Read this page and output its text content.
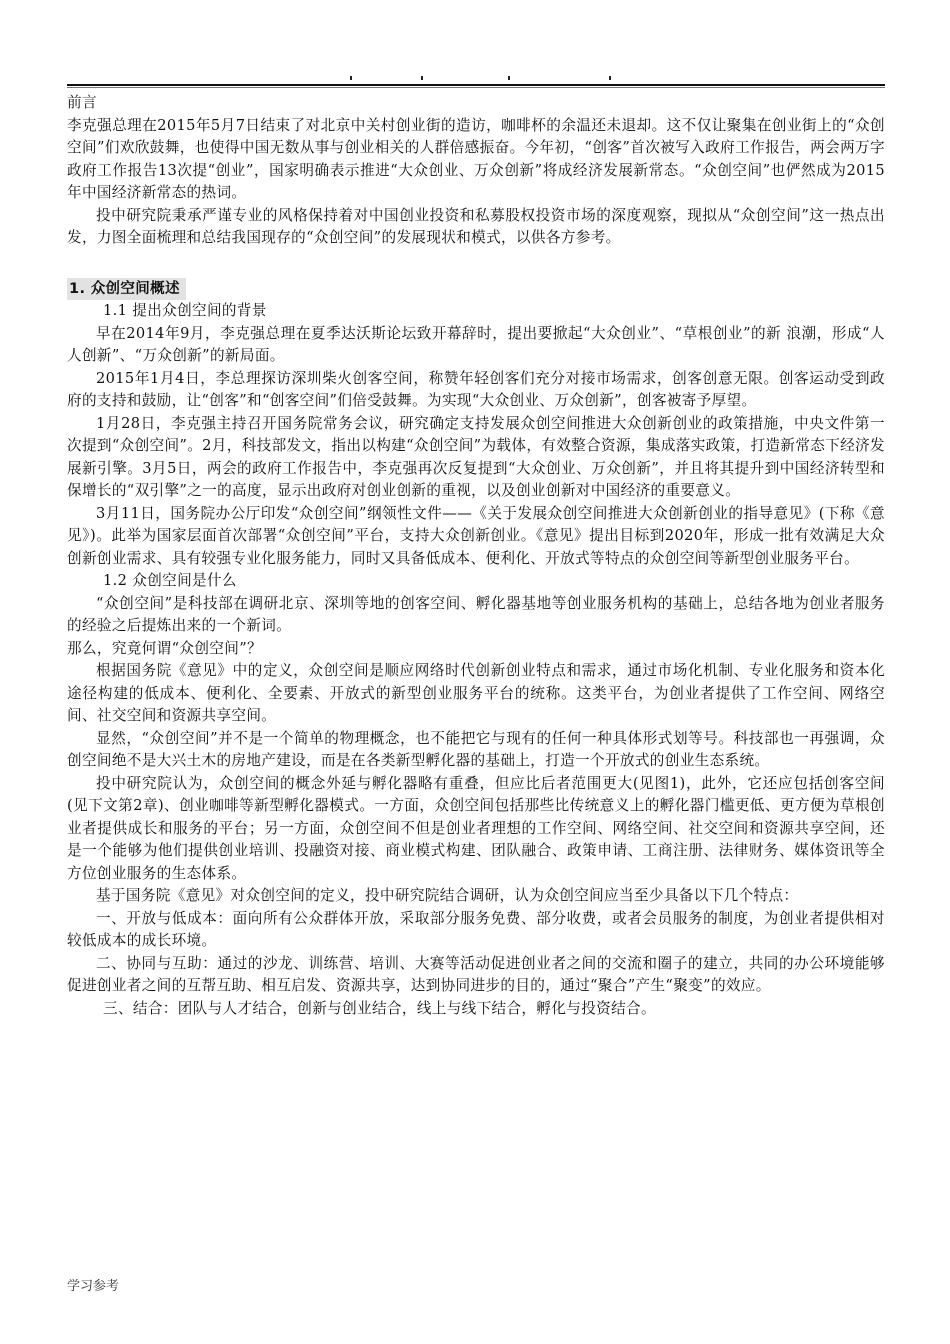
前言

李克强总理在2015年5月7日结束了对北京中关村创业街的造访，咖啡杯的余温还未退却。这不仅让聚集在创业街上的“众创空间”们欢欣鼓舞，也使得中国无数从事与创业相关的人群倍感振奋。今年初，“创客”首次被写入政府工作报告，两会两万字政府工作报告13次提“创业”，国家明确表示推进“大众创业、万众创新”将成经济发展新常态。“众创空间”也俨然成为2015年中国经济新常态的热词。

投中研究院秉承严谨专业的风格保持着对中国创业投资和私募股权投资市场的深度观察，现拟从“众创空间”这一热点出发，力图全面梳理和总结我国现存的“众创空间”的发展现状和模式，以供各方参考。

1. 众创空间概述

1.1 提出众创空间的背景

早在2014年9月，李克强总理在夏季达沃斯论坛致开幕辞时，提出要掀起“大众创业”、“草根创业”的新 浪潮，形成“人人创新”、“万众创新”的新局面。

2015年1月4日，李总理探访深圳柴火创客空间，称赞年轻创客们充分对接市场需求，创客创意无限。创客运动受到政府的支持和鼓励，让“创客”和“创客空间”们倍受鼓舞。为实现“大众创业、万众创新”，创客被寄予厚望。

1月28日，李克强主持召开国务院常务会议，研究确定支持发展众创空间推进大众创新创业的政策措施，中央文件第一次提到“众创空间”。2月，科技部发文，指出以构建“众创空间”为载体，有效整合资源，集成落实政策，打造新常态下经济发展新引擎。3月5日，两会的政府工作报告中，李克强再次反复提到“大众创业、万众创新”，并且将其提升到中国经济转型和保增长的“双引擎”之一的高度，显示出政府对创业创新的重视，以及创业创新对中国经济的重要意义。

3月11日，国务院办公厅印发“众创空间”纲领性文件——《关于发展众创空间推进大众创新创业的指导意见》(下称《意见》)。此举为国家层面首次部署“众创空间”平台，支持大众创新创业。《意见》提出目标到2020年，形成一批有效满足大众创新创业需求、具有较强专业化服务能力，同时又具备低成本、便利化、开放式等特点的众创空间等新型创业服务平台。

1.2 众创空间是什么

“众创空间”是科技部在调研北京、深圳等地的创客空间、孵化器基地等创业服务机构的基础上，总结各地为创业者服务的经验之后提炼出来的一个新词。

那么，究竟何谓“众创空间”？

根据国务院《意见》中的定义，众创空间是顺应网络时代创新创业特点和需求，通过市场化机制、专业化服务和资本化途径构建的低成本、便利化、全要素、开放式的新型创业服务平台的统称。这类平台，为创业者提供了工作空间、网络空间、社交空间和资源共享空间。

显然，“众创空间”并不是一个简单的物理概念，也不能把它与现有的任何一种具体形式划等号。科技部也一再强调，众创空间绝不是大兴土木的房地产建设，而是在各类新型孵化器的基础上，打造一个开放式的创业生态系统。

投中研究院认为，众创空间的概念外延与孵化器略有重叠，但应比后者范围更大(见图1)，此外，它还应包括创客空间(见下文第2章)、创业咖啡等新型孵化器模式。一方面，众创空间包括那些比传统意义上的孵化器门槛更低、更方便为草根创业者提供成长和服务的平台；另一方面，众创空间不但是创业者理想的工作空间、网络空间、社交空间和资源共享空间，还是一个能够为他们提供创业培训、投融资对接、商业模式构建、团队融合、政策申请、工商注册、法律财务、媒体资讯等全方位创业服务的生态体系。

基于国务院《意见》对众创空间的定义，投中研究院结合调研，认为众创空间应当至少具备以下几个特点：

一、开放与低成本：面向所有公众群体开放，采取部分服务免费、部分收费，或者会员服务的制度，为创业者提供相对较低成本的成长环境。

二、协同与互助：通过的沙龙、训练营、培训、大赛等活动促进创业者之间的交流和圈子的建立，共同的办公环境能够促进创业者之间的互帮互助、相互启发、资源共享，达到协同进步的目的，通过“聚合”产生“聚变”的效应。

三、结合：团队与人才结合，创新与创业结合，线上与线下结合，孵化与投资结合。

学习参考
